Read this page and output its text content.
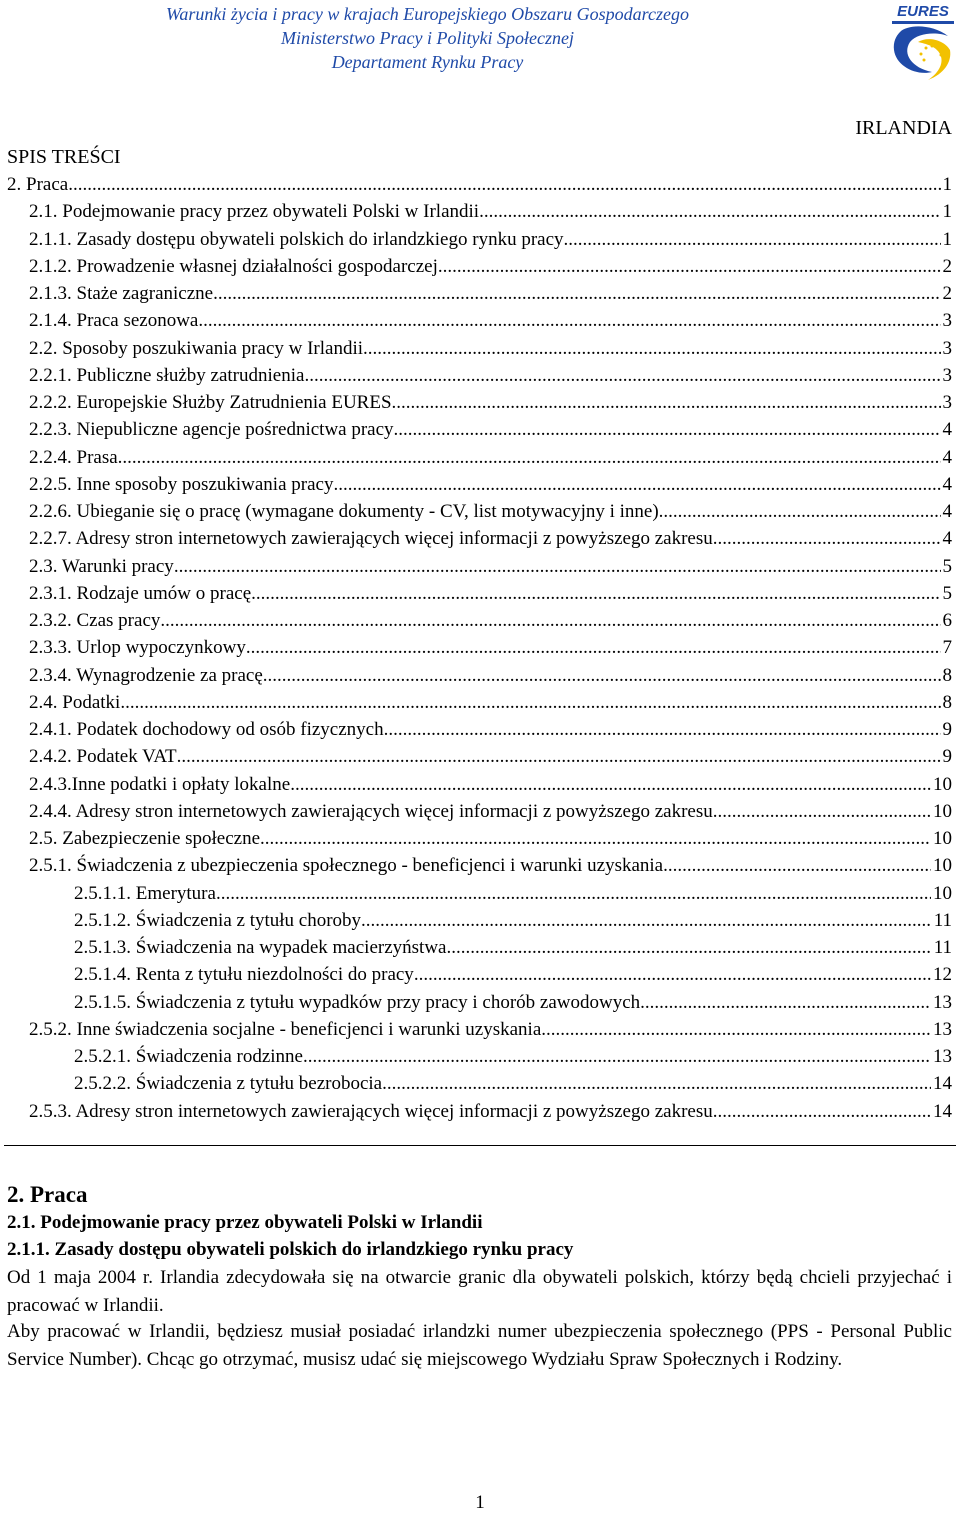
Warunki życia i pracy w krajach Europejskiego Obszaru Gospodarczego
Ministerstwo Pracy i Polityki Społecznej
Departament Rynku Pracy
EURES
IRLANDIA
SPIS TREŚCI
2. Praca .....	1
2.1. Podejmowanie pracy przez obywateli Polski w Irlandii .....	1
2.1.1. Zasady dostępu obywateli polskich do irlandzkiego rynku pracy .....	1
2.1.2. Prowadzenie własnej działalności gospodarczej .....	2
2.1.3. Staże zagraniczne .....	2
2.1.4. Praca sezonowa .....	3
2.2. Sposoby poszukiwania pracy w Irlandii .....	3
2.2.1. Publiczne służby zatrudnienia .....	3
2.2.2. Europejskie Służby Zatrudnienia EURES .....	3
2.2.3. Niepubliczne agencje pośrednictwa pracy .....	4
2.2.4. Prasa .....	4
2.2.5. Inne sposoby poszukiwania pracy .....	4
2.2.6. Ubieganie się o pracę (wymagane dokumenty - CV, list motywacyjny i inne) .....	4
2.2.7. Adresy stron internetowych zawierających więcej informacji z powyższego zakresu .....	4
2.3. Warunki pracy .....	5
2.3.1. Rodzaje umów o pracę .....	5
2.3.2. Czas pracy .....	6
2.3.3. Urlop wypoczynkowy .....	7
2.3.4. Wynagrodzenie za pracę .....	8
2.4. Podatki .....	8
2.4.1. Podatek dochodowy od osób fizycznych .....	9
2.4.2. Podatek VAT .....	9
2.4.3.Inne podatki i opłaty lokalne .....	10
2.4.4. Adresy stron internetowych zawierających więcej informacji z powyższego zakresu .....	10
2.5. Zabezpieczenie społeczne .....	10
2.5.1. Świadczenia z ubezpieczenia społecznego - beneficjenci i warunki uzyskania .....	10
2.5.1.1. Emerytura .....	10
2.5.1.2. Świadczenia z tytułu choroby .....	11
2.5.1.3. Świadczenia na wypadek macierzyństwa .....	11
2.5.1.4. Renta z tytułu niezdolności do pracy .....	12
2.5.1.5. Świadczenia z tytułu wypadków przy pracy i chorób zawodowych .....	13
2.5.2. Inne świadczenia socjalne - beneficjenci i warunki uzyskania .....	13
2.5.2.1. Świadczenia rodzinne .....	13
2.5.2.2. Świadczenia z tytułu bezrobocia .....	14
2.5.3. Adresy stron internetowych zawierających więcej informacji z powyższego zakresu .....	14
2. Praca
2.1. Podejmowanie pracy przez obywateli Polski w Irlandii
2.1.1. Zasady dostępu obywateli polskich do irlandzkiego rynku pracy

Od 1 maja 2004 r. Irlandia zdecydowała się na otwarcie granic dla obywateli polskich, którzy będą chcieli przyjechać i pracować w Irlandii.

Aby pracować w Irlandii, będziesz musiał posiadać irlandzki numer ubezpieczenia społecznego (PPS - Personal Public Service Number). Chcąc go otrzymać, musisz udać się miejscowego Wydziału Spraw Społecznych i Rodziny.

1
